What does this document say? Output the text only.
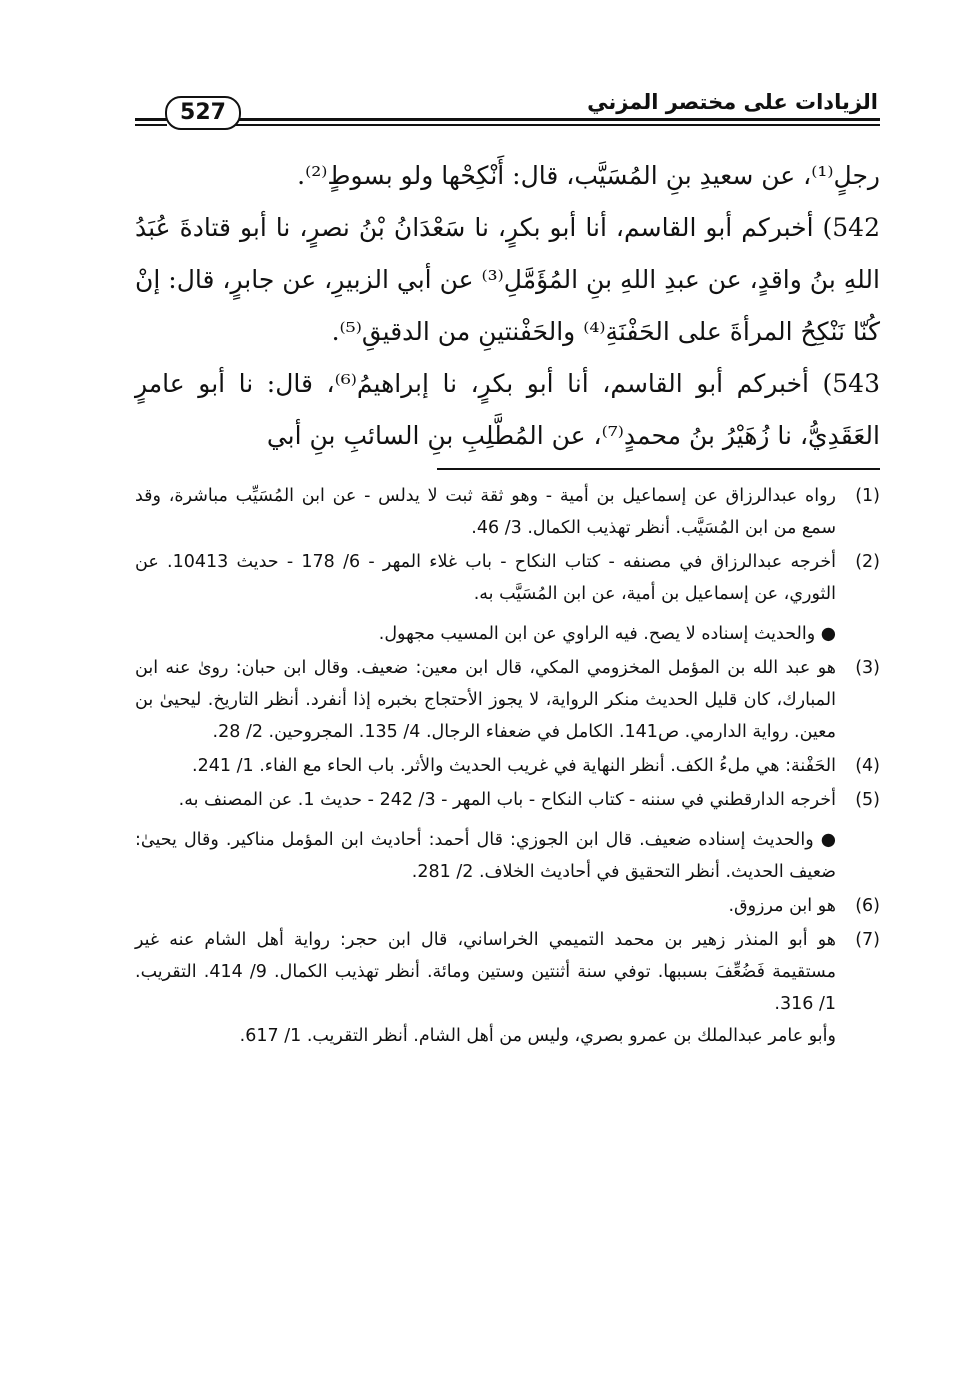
527	الزيادات على مختصر المزني

رجلٍ⁽¹⁾، عن سعيدِ بنِ المُسَيَّب، قال: أَنْكِحْها ولو بسوطٍ⁽²⁾.

542) أخبركم أبو القاسم، أنا أبو بكرٍ، نا سَعْدَانُ بْنُ نصرٍ، نا أبو قتادةَ عُبَدُ اللهِ بنُ واقدٍ، عن عبدِ اللهِ بنِ المُؤَمَّلِ⁽³⁾ عن أبي الزبيرِ، عن جابرٍ، قال: إنْ كُنّا نَنْكِحُ المرأةَ على الحَفْنَةِ⁽⁴⁾ والحَفْنتينِ من الدقيقِ⁽⁵⁾.

543) أخبركم أبو القاسم، أنا أبو بكرٍ، نا إبراهيمُ⁽⁶⁾، قال: نا أبو عامرٍ العَقَدِيُّ، نا زُهَيْرُ بنُ محمدٍ⁽⁷⁾، عن المُطَّلِبِ بنِ السائبِ بنِ أبي

(1)

رواه عبدالرزاق عن إسماعيل بن أمية - وهو ثقة ثبت لا يدلس - عن ابن المُسَيِّب مباشرة، وقد سمع من ابن المُسَيَّب. أنظر تهذيب الكمال. 3/ 46.

(2)

أخرجه عبدالرزاق في مصنفه - كتاب النكاح - باب غلاء المهر - 6/ 178 - حديث 10413. عن الثوري، عن إسماعيل بن أمية، عن ابن المُسَيَّب به.

● والحديث إسناده لا يصح. فيه الراوي عن ابن المسيب مجهول.

(3)

هو عبد الله بن المؤمل المخزومي المكي، قال ابن معين: ضعيف. وقال ابن حبان: روىٰ عنه ابن المبارك، كان قليل الحديث منكر الرواية، لا يجوز الأحتجاج بخبره إذا أنفرد. أنظر التاريخ. ليحيىٰ بن معين. رواية الدارمي. ص141. الكامل في ضعفاء الرجال. 4/ 135. المجروحين. 2/ 28.

(4)

الحَفْنة: هي ملءُ الكف. أنظر النهاية في غريب الحديث والأثر. باب الحاء مع الفاء. 1/ 241.

(5)

أخرجه الدارقطني في سننه - كتاب النكاح - باب المهر - 3/ 242 - حديث 1. عن المصنف به.

● والحديث إسناده ضعيف. قال ابن الجوزي: قال أحمد: أحاديث ابن المؤمل مناكير. وقال يحيىٰ: ضعيف الحديث. أنظر التحقيق في أحاديث الخلاف. 2/ 281.

(6)

هو ابن مرزوق.

(7)

هو أبو المنذر زهير بن محمد التميمي الخراساني، قال ابن حجر: رواية أهل الشام عنه غير مستقيمة فَضُعِّفَ بسببها. توفي سنة أثنتين وستين ومائة. أنظر تهذيب الكمال. 9/ 414. التقريب. 1/ 316.

وأبو عامر عبدالملك بن عمرو بصري، وليس من أهل الشام. أنظر التقريب. 1/ 617.
